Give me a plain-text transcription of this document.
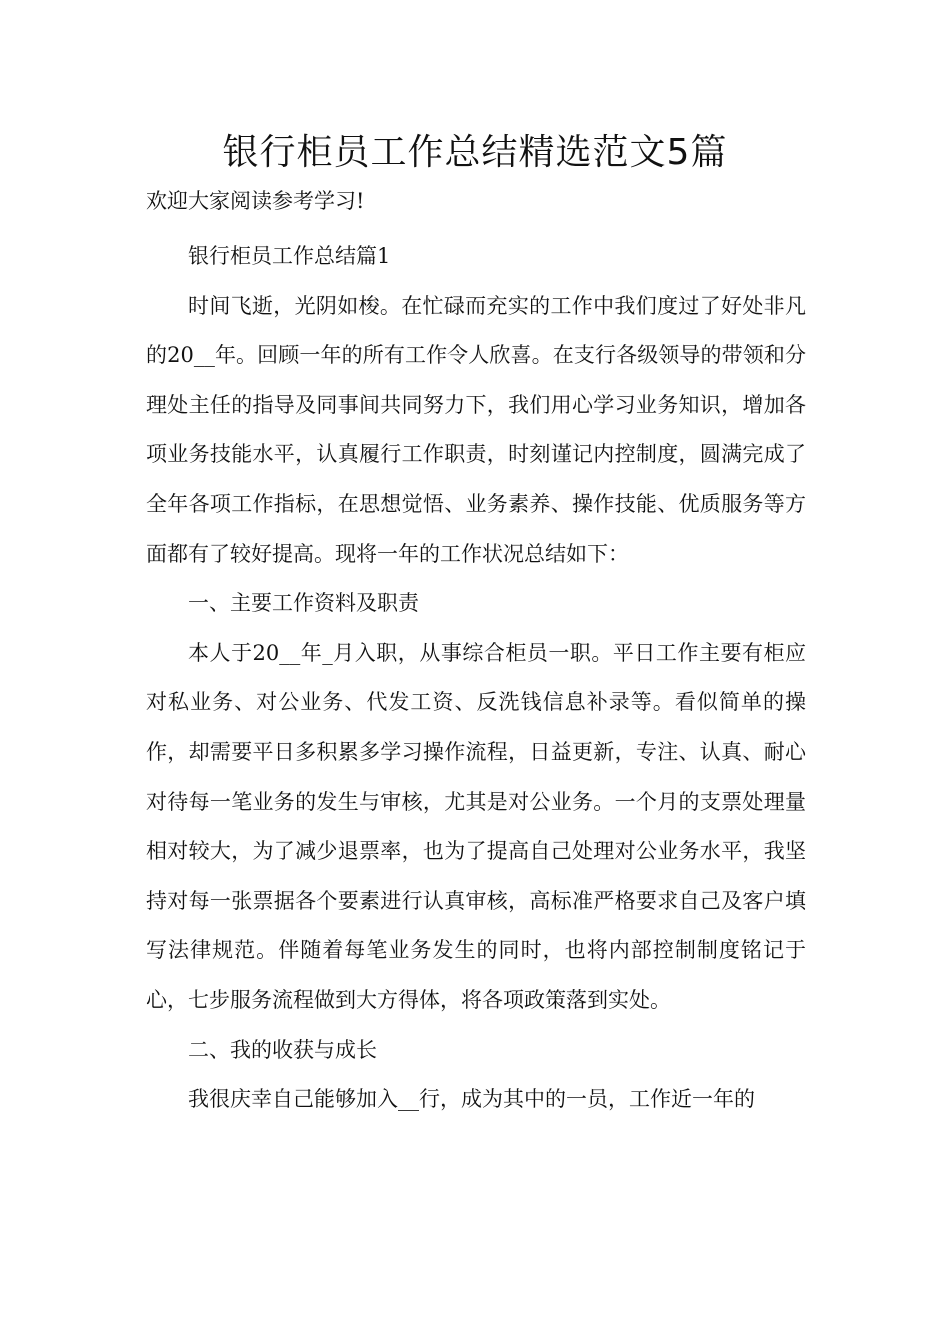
银行柜员工作总结精选范文5篇
欢迎大家阅读参考学习!

银行柜员工作总结篇1

时间飞逝，光阴如梭。在忙碌而充实的工作中我们度过了好处非凡的20__年。回顾一年的所有工作令人欣喜。在支行各级领导的带领和分理处主任的指导及同事间共同努力下，我们用心学习业务知识，增加各项业务技能水平，认真履行工作职责，时刻谨记内控制度，圆满完成了全年各项工作指标，在思想觉悟、业务素养、操作技能、优质服务等方面都有了较好提高。现将一年的工作状况总结如下：

一、主要工作资料及职责

本人于20__年_月入职，从事综合柜员一职。平日工作主要有柜应对私业务、对公业务、代发工资、反洗钱信息补录等。看似简单的操作，却需要平日多积累多学习操作流程，日益更新，专注、认真、耐心对待每一笔业务的发生与审核，尤其是对公业务。一个月的支票处理量相对较大，为了减少退票率，也为了提高自己处理对公业务水平，我坚持对每一张票据各个要素进行认真审核，高标准严格要求自己及客户填写法律规范。伴随着每笔业务发生的同时，也将内部控制制度铭记于心，七步服务流程做到大方得体，将各项政策落到实处。

二、我的收获与成长

我很庆幸自己能够加入__行，成为其中的一员，工作近一年的
